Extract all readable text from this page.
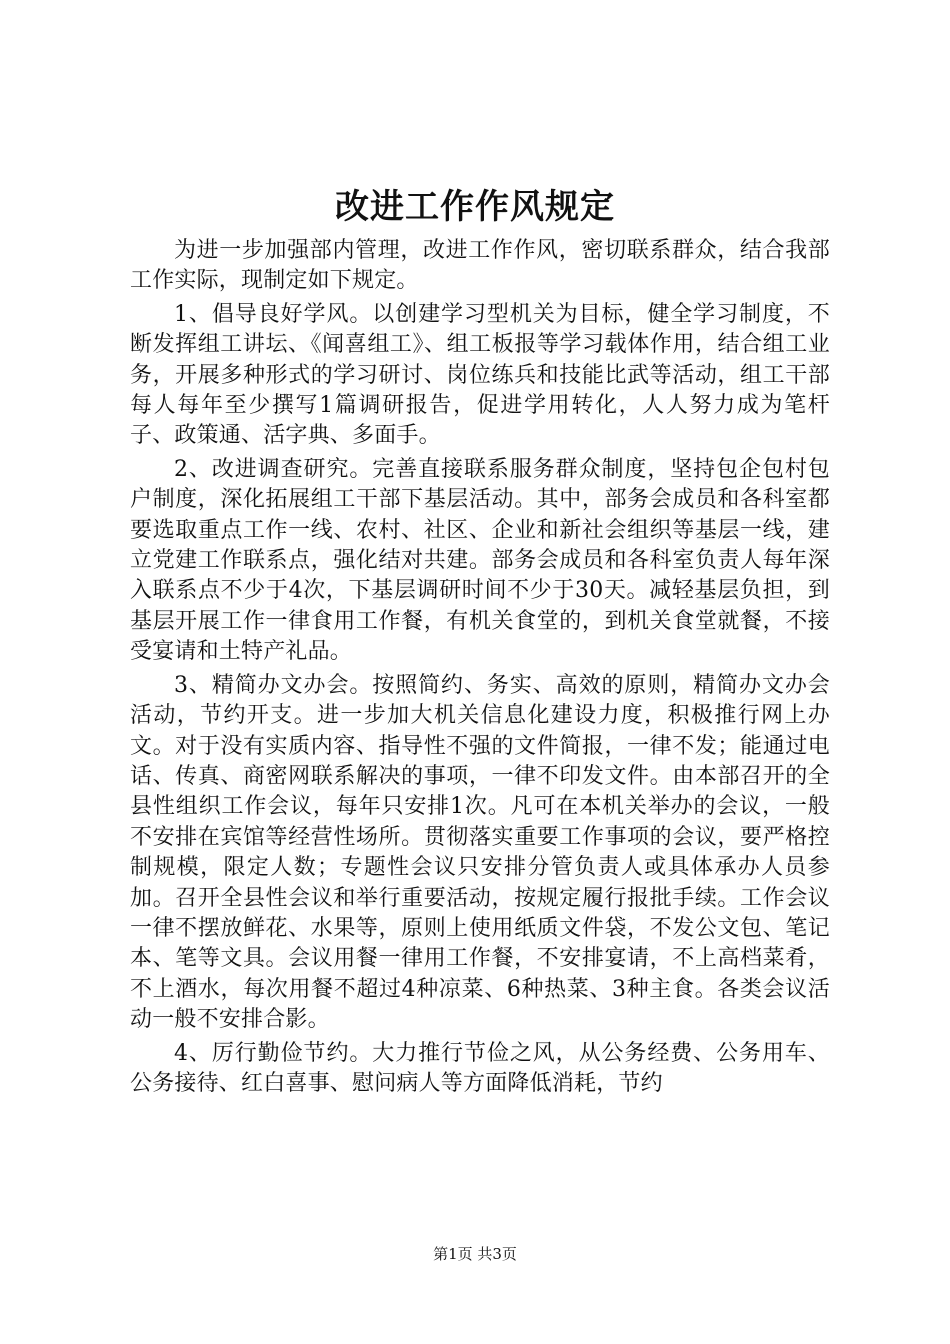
改进工作作风规定

为进一步加强部内管理，改进工作作风，密切联系群众，结合我部工作实际，现制定如下规定。

1、倡导良好学风。以创建学习型机关为目标，健全学习制度，不断发挥组工讲坛、《闻喜组工》、组工板报等学习载体作用，结合组工业务，开展多种形式的学习研讨、岗位练兵和技能比武等活动，组工干部每人每年至少撰写1篇调研报告，促进学用转化，人人努力成为笔杆子、政策通、活字典、多面手。

2、改进调查研究。完善直接联系服务群众制度，坚持包企包村包户制度，深化拓展组工干部下基层活动。其中，部务会成员和各科室都要选取重点工作一线、农村、社区、企业和新社会组织等基层一线，建立党建工作联系点，强化结对共建。部务会成员和各科室负责人每年深入联系点不少于4次，下基层调研时间不少于30天。减轻基层负担，到基层开展工作一律食用工作餐，有机关食堂的，到机关食堂就餐，不接受宴请和土特产礼品。

3、精简办文办会。按照简约、务实、高效的原则，精简办文办会活动，节约开支。进一步加大机关信息化建设力度，积极推行网上办文。对于没有实质内容、指导性不强的文件简报，一律不发；能通过电话、传真、商密网联系解决的事项，一律不印发文件。由本部召开的全县性组织工作会议，每年只安排1次。凡可在本机关举办的会议，一般不安排在宾馆等经营性场所。贯彻落实重要工作事项的会议，要严格控制规模，限定人数；专题性会议只安排分管负责人或具体承办人员参加。召开全县性会议和举行重要活动，按规定履行报批手续。工作会议一律不摆放鲜花、水果等，原则上使用纸质文件袋，不发公文包、笔记本、笔等文具。会议用餐一律用工作餐，不安排宴请，不上高档菜肴，不上酒水，每次用餐不超过4种凉菜、6种热菜、3种主食。各类会议活动一般不安排合影。

4、厉行勤俭节约。大力推行节俭之风，从公务经费、公务用车、公务接待、红白喜事、慰问病人等方面降低消耗，节约

第1页 共3页
